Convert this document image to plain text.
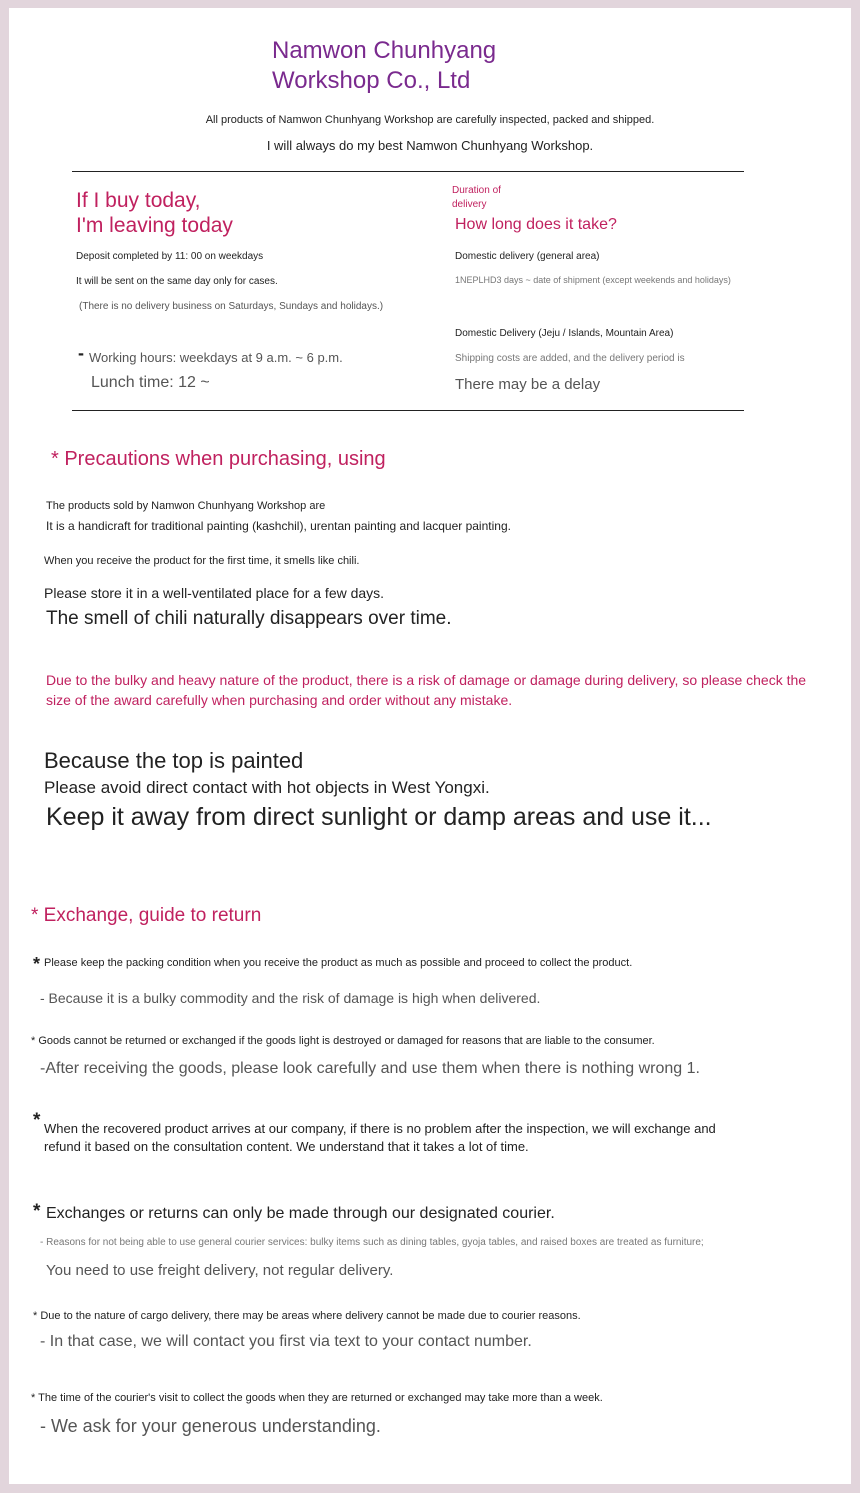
Namwon Chunhyang
Workshop Co., Ltd
All products of Namwon Chunhyang Workshop are carefully inspected, packed and shipped.
I will always do my best Namwon Chunhyang Workshop.
If I buy today,
I'm leaving today
Deposit completed by 11: 00 on weekdays
It will be sent on the same day only for cases.
(There is no delivery business on Saturdays, Sundays and holidays.)
- Working hours: weekdays at 9 a.m. ~ 6 p.m.
Lunch time: 12 ~
Duration of
delivery
How long does it take?
Domestic delivery (general area)
1NEPLHD3 days ~ date of shipment (except weekends and holidays)
Domestic Delivery (Jeju / Islands, Mountain Area)
Shipping costs are added, and the delivery period is
There may be a delay
* Precautions when purchasing, using
The products sold by Namwon Chunhyang Workshop are
It is a handicraft for traditional painting (kashchil), urentan painting and lacquer painting.
When you receive the product for the first time, it smells like chili.
Please store it in a well-ventilated place for a few days.
The smell of chili naturally disappears over time.
Due to the bulky and heavy nature of the product, there is a risk of damage or damage during delivery, so please check the size of the award carefully when purchasing and order without any mistake.
Because the top is painted
Please avoid direct contact with hot objects in West Yongxi.
Keep it away from direct sunlight or damp areas and use it...
* Exchange, guide to return
* Please keep the packing condition when you receive the product as much as possible and proceed to collect the product.
- Because it is a bulky commodity and the risk of damage is high when delivered.
* Goods cannot be returned or exchanged if the goods light is destroyed or damaged for reasons that are liable to the consumer.
-After receiving the goods, please look carefully and use them when there is nothing wrong 1.
* When the recovered product arrives at our company, if there is no problem after the inspection, we will exchange and refund it based on the consultation content. We understand that it takes a lot of time.
* Exchanges or returns can only be made through our designated courier.
- Reasons for not being able to use general courier services: bulky items such as dining tables, gyoja tables, and raised boxes are treated as furniture;
You need to use freight delivery, not regular delivery.
* Due to the nature of cargo delivery, there may be areas where delivery cannot be made due to courier reasons.
- In that case, we will contact you first via text to your contact number.
* The time of the courier's visit to collect the goods when they are returned or exchanged may take more than a week.
- We ask for your generous understanding.
